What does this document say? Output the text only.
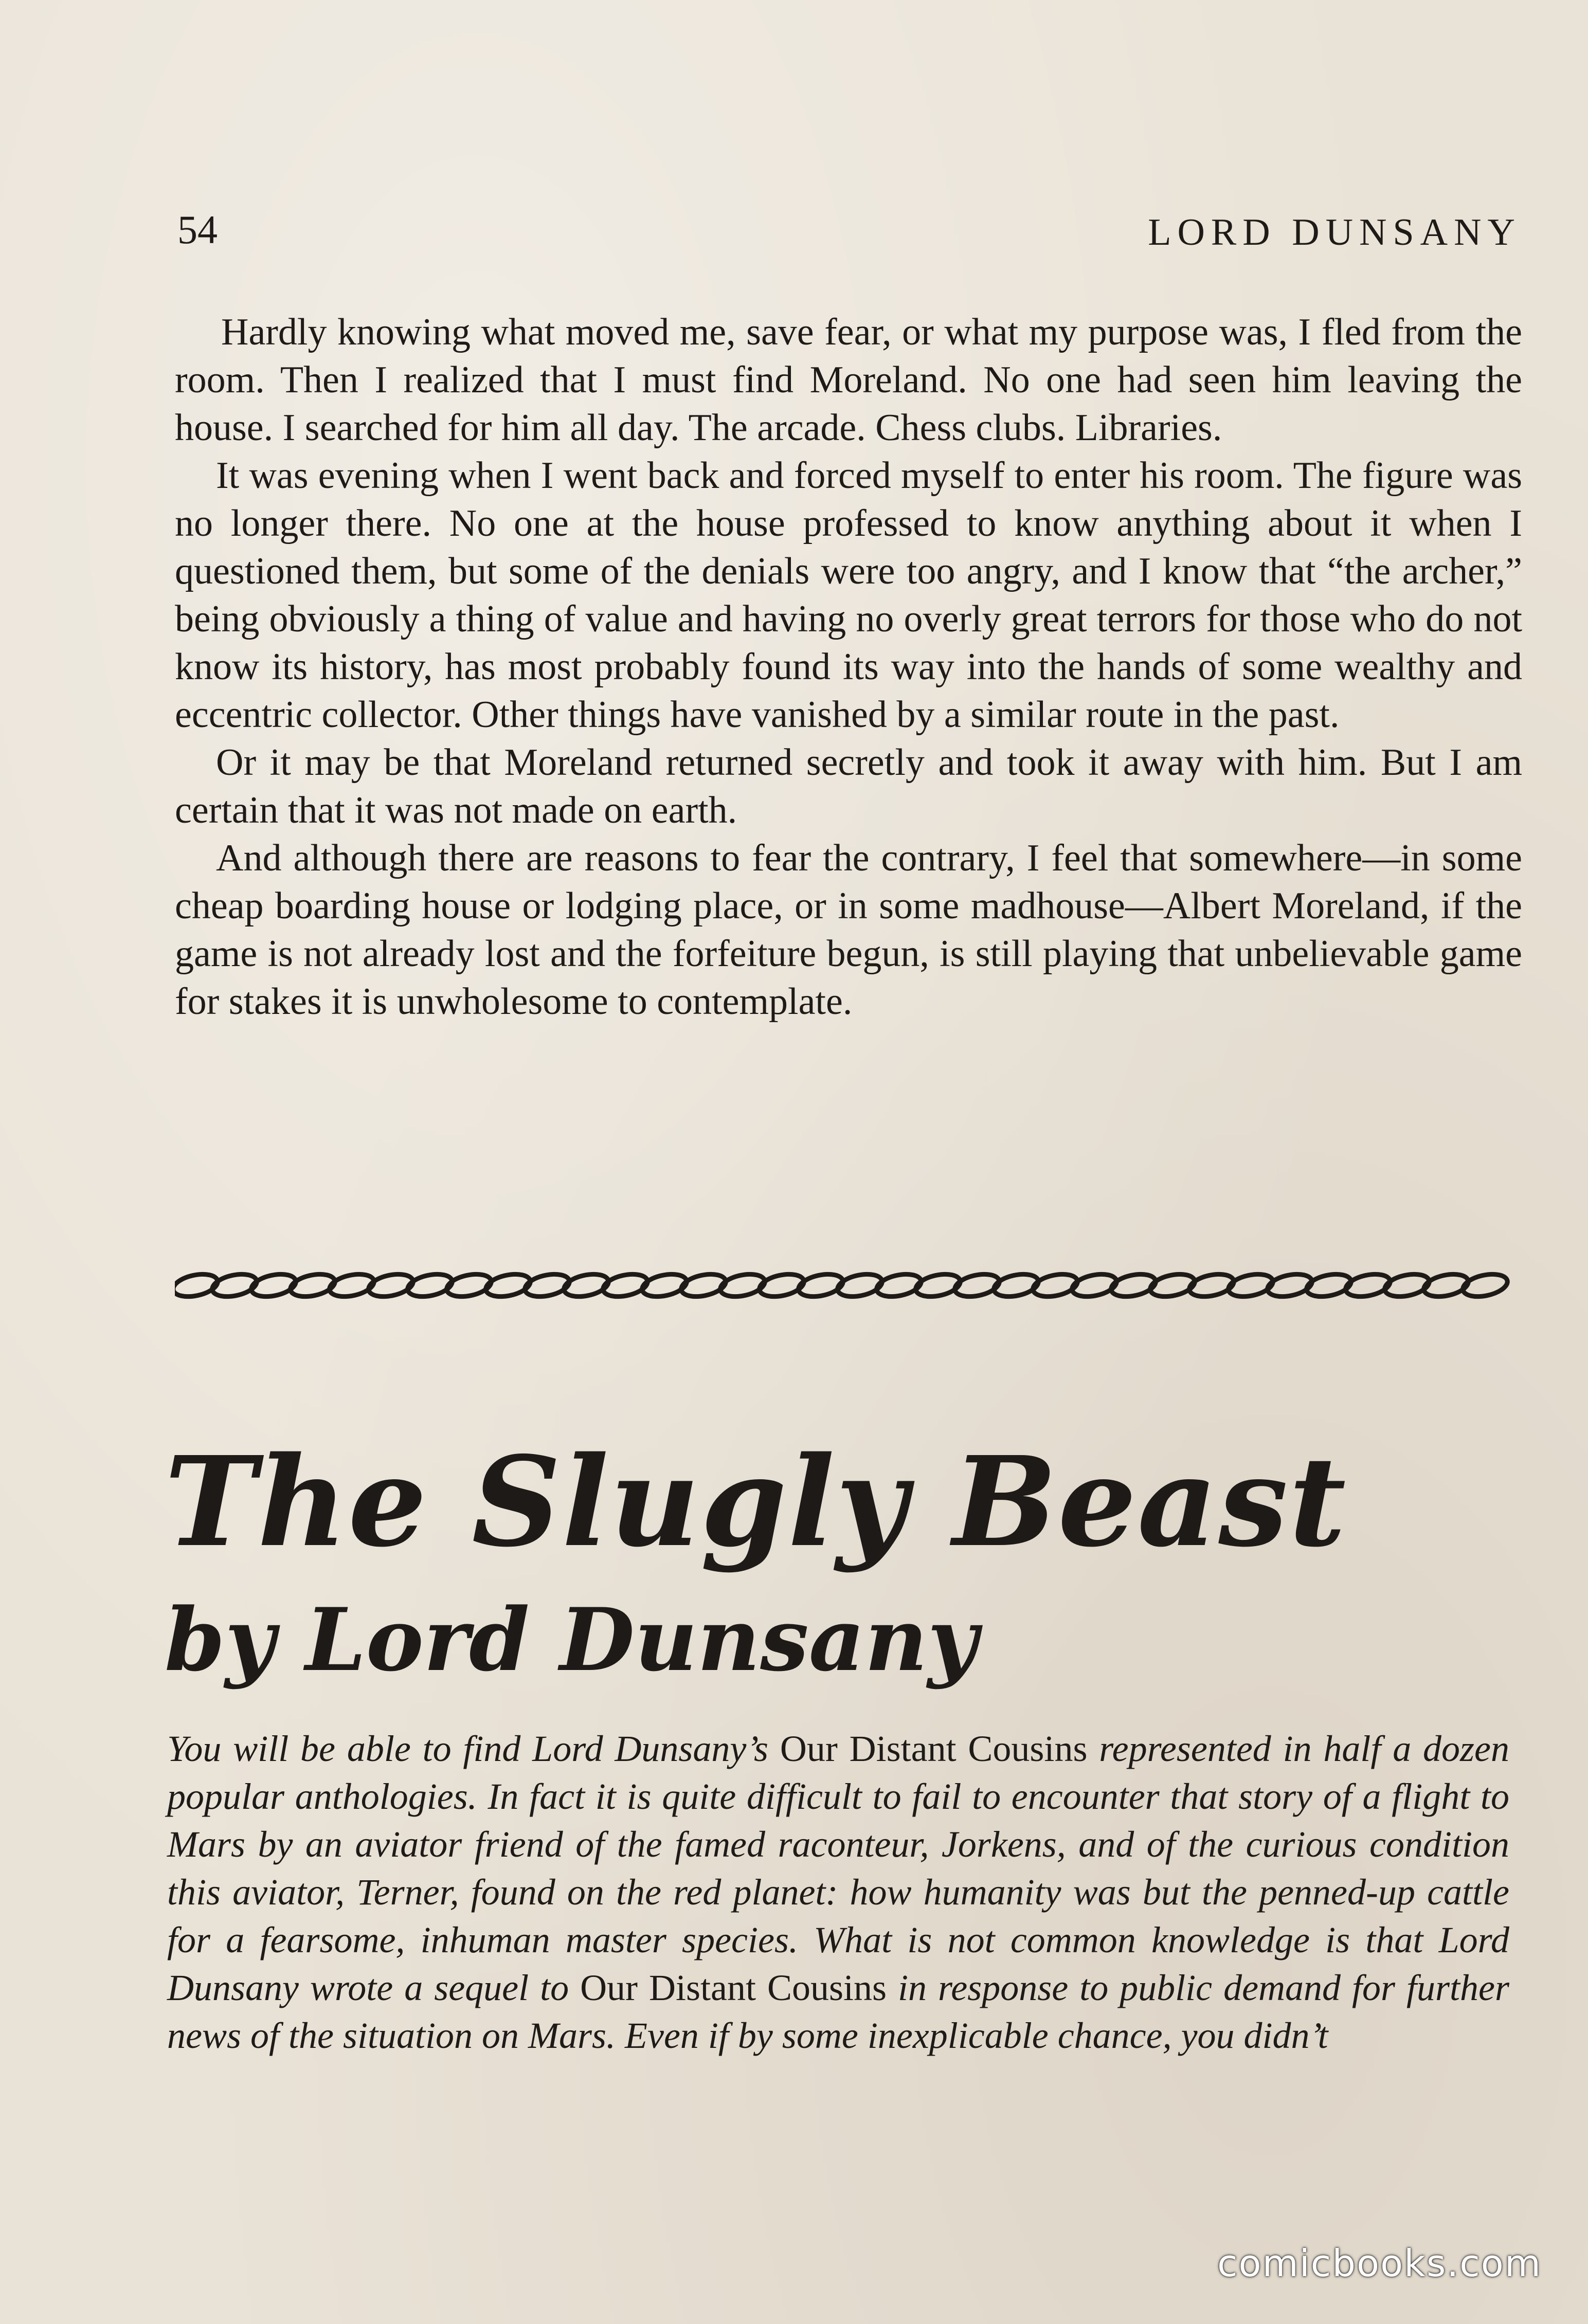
54	LORD DUNSANY

Hardly knowing what moved me, save fear, or what my purpose was, I fled from the room. Then I realized that I must find Moreland. No one had seen him leaving the house. I searched for him all day. The arcade. Chess clubs. Libraries.

It was evening when I went back and forced myself to enter his room. The figure was no longer there. No one at the house professed to know anything about it when I questioned them, but some of the denials were too angry, and I know that “the archer,” being obviously a thing of value and having no overly great terrors for those who do not know its history, has most probably found its way into the hands of some wealthy and eccentric collector. Other things have vanished by a similar route in the past.

Or it may be that Moreland returned secretly and took it away with him. But I am certain that it was not made on earth.

And although there are reasons to fear the contrary, I feel that somewhere—in some cheap boarding house or lodging place, or in some madhouse—Albert Moreland, if the game is not already lost and the forfeiture begun, is still playing that unbelievable game for stakes it is unwholesome to contemplate.

The Slugly Beast
by Lord Dunsany
You will be able to find Lord Dunsany’s Our Distant Cousins represented in half a dozen popular anthologies. In fact it is quite difficult to fail to encounter that story of a flight to Mars by an aviator friend of the famed raconteur, Jorkens, and of the curious condition this aviator, Terner, found on the red planet: how humanity was but the penned-up cattle for a fearsome, inhuman master species. What is not common knowledge is that Lord Dunsany wrote a sequel to Our Distant Cousins in response to public demand for further news of the situation on Mars. Even if by some inexplicable chance, you didn’t
comicbooks.com
